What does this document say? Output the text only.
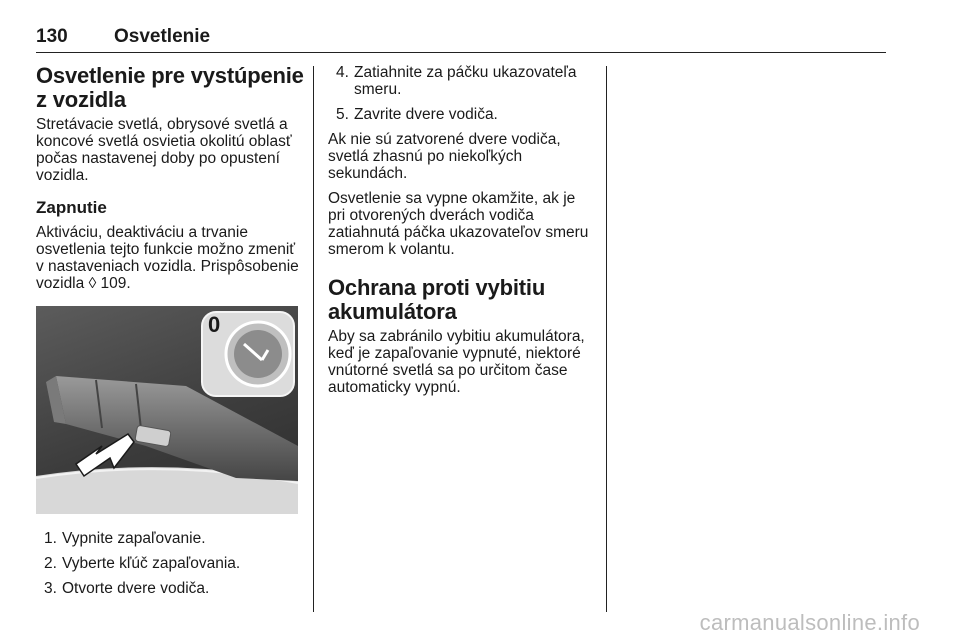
130 Osvetlenie
Osvetlenie pre vystúpenie z vozidla

Stretávacie svetlá, obrysové svetlá a koncové svetlá osvietia okolitú oblasť počas nastavenej doby po opustení vozidla.

Zapnutie

Aktiváciu, deaktiváciu a trvanie osvetlenia tejto funkcie možno zmeniť v nastaveniach vozidla. Prispôsobenie vozidla ◊ 109.

0
1. Vypnite zapaľovanie.
2. Vyberte kľúč zapaľovania.
3. Otvorte dvere vodiča.
4. Zatiahnite za páčku ukazovateľa smeru.
5. Zavrite dvere vodiča.

Ak nie sú zatvorené dvere vodiča, svetlá zhasnú po niekoľkých sekundách.

Osvetlenie sa vypne okamžite, ak je pri otvorených dverách vodiča zatiahnutá páčka ukazovateľov smeru smerom k volantu.

Ochrana proti vybitiu akumulátora

Aby sa zabránilo vybitiu akumulátora, keď je zapaľovanie vypnuté, niektoré vnútorné svetlá sa po určitom čase automaticky vypnú.

carmanualsonline.info
